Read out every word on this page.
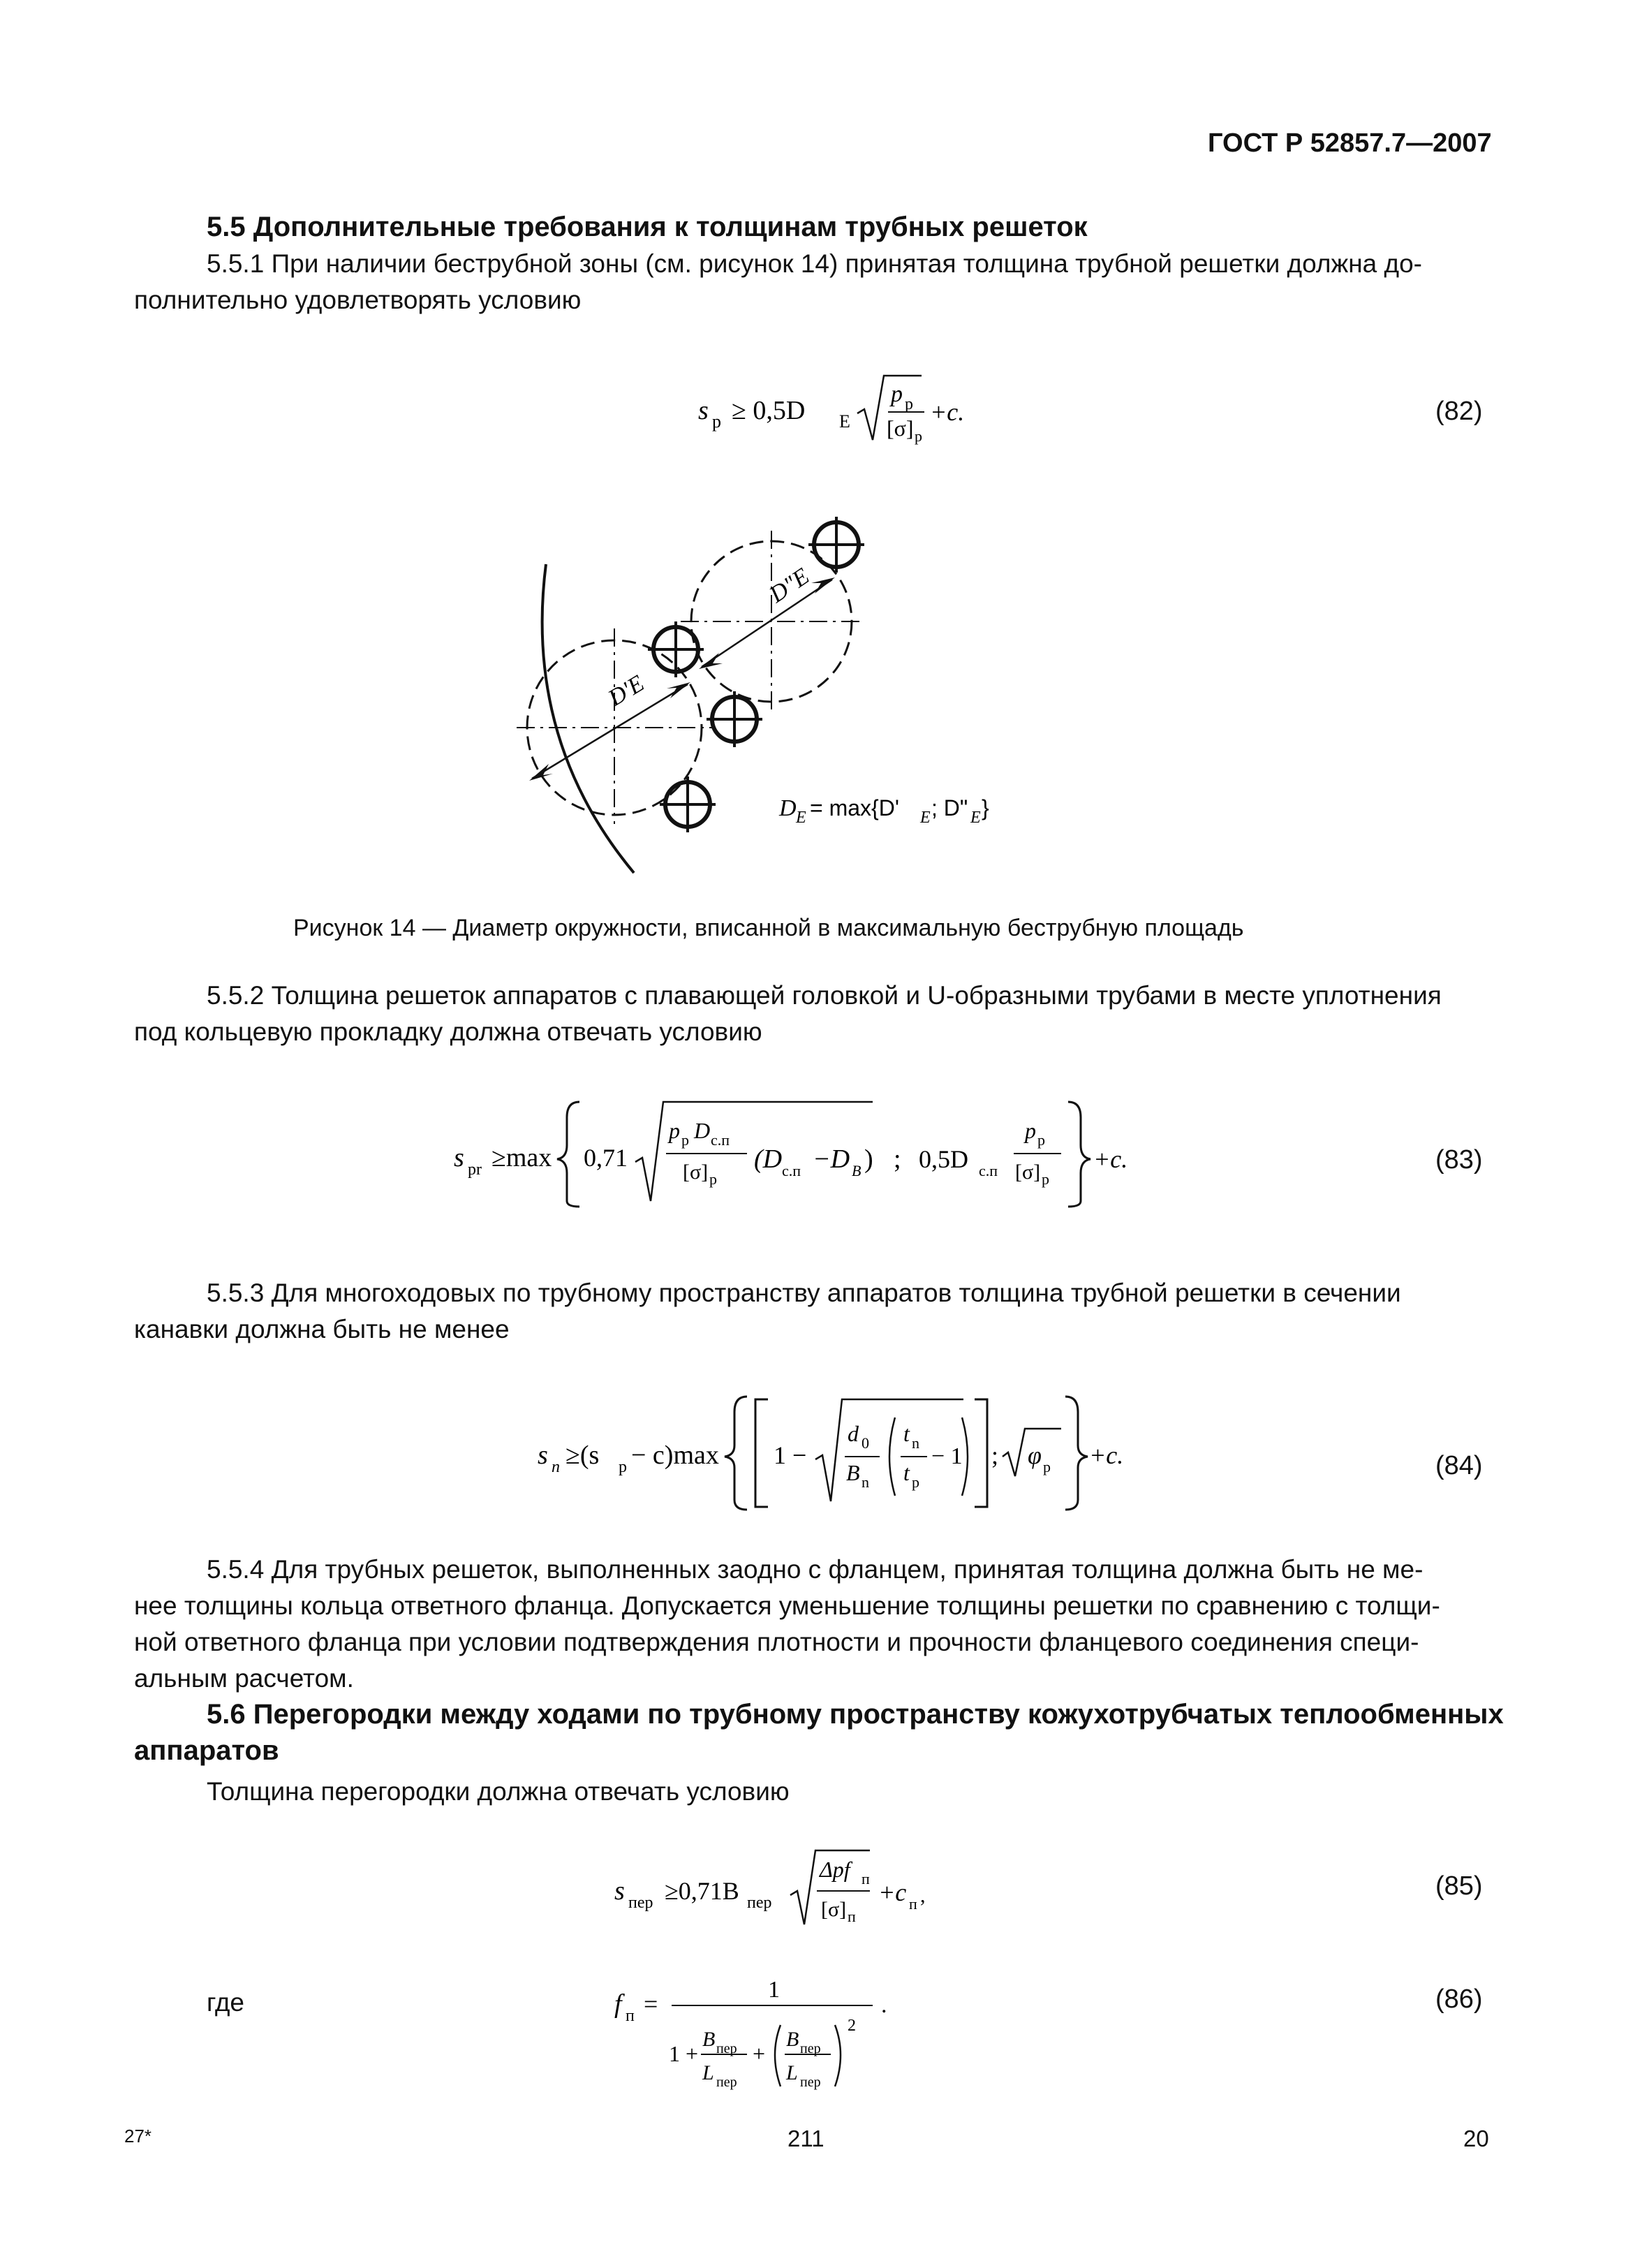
ГОСТ Р 52857.7—2007
5.5 Дополнительные требования к толщинам трубных решеток
5.5.1 При наличии беструбной зоны (см. рисунок 14) принятая толщина трубной решетки должна до-
полнительно удовлетворять условию
s p ≥ 0,5D E
p p
[σ] p
+c.	(82)
D'E
D"E
D E = max{D' E ; D" E }
Рисунок 14 — Диаметр окружности, вписанной в максимальную беструбную площадь
5.5.2 Толщина решеток аппаратов с плавающей головкой и U-образными трубами в месте уплотнения
под кольцевую прокладку должна отвечать условию
s pr ≥max 0,71
p p D с.п
[σ] p
(D с.п −D B ) ; 0,5D с.п
p p
[σ] p
+c.	(83)
5.5.3 Для многоходовых по трубному пространству аппаратов толщина трубной решетки в сечении
канавки должна быть не менее
s n ≥(s p − c)max 1 −
d 0
B n
t n
t p
− 1 ; φ p +c.	(84)
5.5.4 Для трубных решеток, выполненных заодно с фланцем, принятая толщина должна быть не ме-
нее толщины кольца ответного фланца. Допускается уменьшение толщины решетки по сравнению с толщи-
ной ответного фланца при условии подтверждения плотности и прочности фланцевого соединения специ-
альным расчетом.
5.6 Перегородки между ходами по трубному пространству кожухотрубчатых теплообменных
аппаратов
Толщина перегородки должна отвечать условию
s пер ≥0,71B пер
Δpf п
[σ] п
+c п ,	(85)
где	f п =
1
.
1 +
B пер
L пер
+
B пер
L пер
2
(86)
27*	211	20
